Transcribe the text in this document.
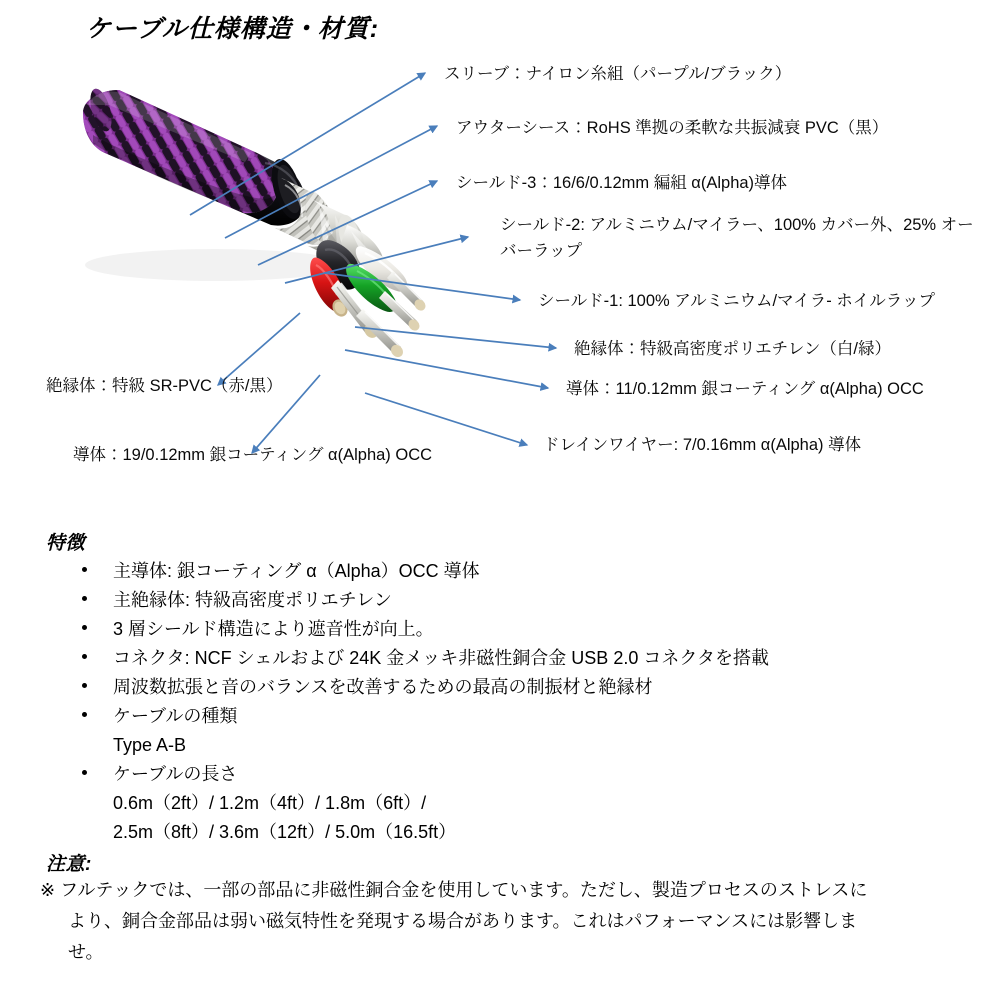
ケーブル仕様構造・材質:
スリーブ：ナイロン糸組（パープル/ブラック）
アウターシース：RoHS 準拠の柔軟な共振減衰 PVC（黒）
シールド-3：16/6/0.12mm 編組 α(Alpha)導体
シールド-2: アルミニウム/マイラー、100% カバー外、25% オーバーラップ
シールド-1: 100% アルミニウム/マイラ- ホイルラップ
絶縁体：特級高密度ポリエチレン（白/緑）
導体：11/0.12mm 銀コーティング α(Alpha) OCC
ドレインワイヤー: 7/0.16mm α(Alpha) 導体
絶縁体：特級 SR-PVC（赤/黒）
導体：19/0.12mm 銀コーティング α(Alpha) OCC
特徴
主導体: 銀コーティング α（Alpha）OCC 導体
主絶縁体: 特級高密度ポリエチレン
3 層シールド構造により遮音性が向上。
コネクタ: NCF シェルおよび 24K 金メッキ非磁性銅合金 USB 2.0 コネクタを搭載
周波数拡張と音のバランスを改善するための最高の制振材と絶縁材
ケーブルの種類
Type A-B
ケーブルの長さ
0.6m（2ft）/ 1.2m（4ft）/ 1.8m（6ft）/
2.5m（8ft）/ 3.6m（12ft）/ 5.0m（16.5ft）
注意:
※ フルテックでは、一部の部品に非磁性銅合金を使用しています。ただし、製造プロセスのストレスに
より、銅合金部品は弱い磁気特性を発現する場合があります。これはパフォーマンスには影響しま
せ。
